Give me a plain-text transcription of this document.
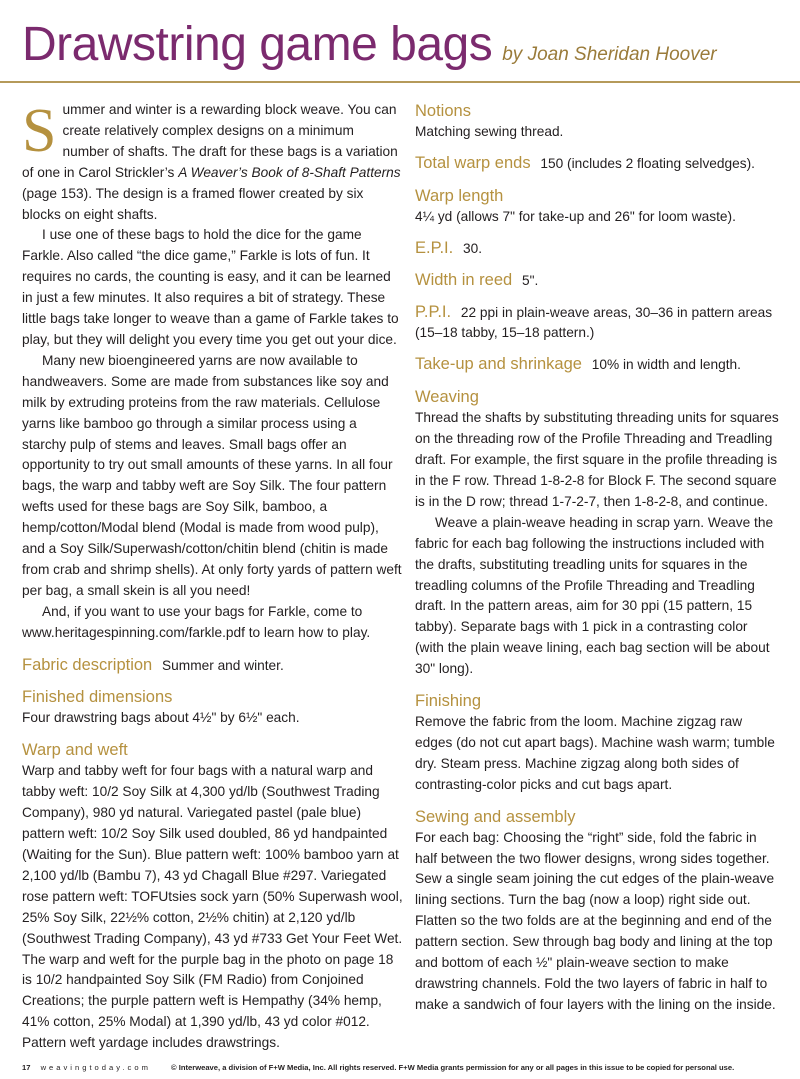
Drawstring game bags by Joan Sheridan Hoover

Summer and winter is a rewarding block weave. You can create relatively complex designs on a minimum number of shafts. The draft for these bags is a variation of one in Carol Strickler’s A Weaver’s Book of 8-Shaft Patterns (page 153). The design is a framed flower created by six blocks on eight shafts.

I use one of these bags to hold the dice for the game Farkle. Also called “the dice game,” Farkle is lots of fun. It requires no cards, the counting is easy, and it can be learned in just a few minutes. It also requires a bit of strategy. These little bags take longer to weave than a game of Farkle takes to play, but they will delight you every time you get out your dice.

Many new bioengineered yarns are now available to handweavers. Some are made from substances like soy and milk by extruding proteins from the raw materials. Cellulose yarns like bamboo go through a similar process using a starchy pulp of stems and leaves. Small bags offer an opportunity to try out small amounts of these yarns. In all four bags, the warp and tabby weft are Soy Silk. The four pattern wefts used for these bags are Soy Silk, bamboo, a hemp/cotton/Modal blend (Modal is made from wood pulp), and a Soy Silk/Superwash/cotton/chitin blend (chitin is made from crab and shrimp shells). At only forty yards of pattern weft per bag, a small skein is all you need!

And, if you want to use your bags for Farkle, come to www.heritagespinning.com/farkle.pdf to learn how to play.

Fabric description Summer and winter.

Finished dimensions

Four drawstring bags about 4½" by 6½" each.

Warp and weft

Warp and tabby weft for four bags with a natural warp and tabby weft: 10/2 Soy Silk at 4,300 yd/lb (Southwest Trading Company), 980 yd natural. Variegated pastel (pale blue) pattern weft: 10/2 Soy Silk used doubled, 86 yd handpainted (Waiting for the Sun). Blue pattern weft: 100% bamboo yarn at 2,100 yd/lb (Bambu 7), 43 yd Chagall Blue #297. Variegated rose pattern weft: TOFUtsies sock yarn (50% Superwash wool, 25% Soy Silk, 22½% cotton, 2½% chitin) at 2,120 yd/lb (Southwest Trading Company), 43 yd #733 Get Your Feet Wet. The warp and weft for the purple bag in the photo on page 18 is 10/2 handpainted Soy Silk (FM Radio) from Conjoined Creations; the purple pattern weft is Hempathy (34% hemp, 41% cotton, 25% Modal) at 1,390 yd/lb, 43 yd color #012. Pattern weft yardage includes drawstrings.

Notions

Matching sewing thread.

Total warp ends 150 (includes 2 floating selvedges).

Warp length

4¼ yd (allows 7" for take-up and 26" for loom waste).

E.P.I. 30.

Width in reed 5".

P.P.I. 22 ppi in plain-weave areas, 30–36 in pattern areas (15–18 tabby, 15–18 pattern.)

Take-up and shrinkage 10% in width and length.

Weaving

Thread the shafts by substituting threading units for squares on the threading row of the Profile Threading and Treadling draft. For example, the first square in the profile threading is in the F row. Thread 1-8-2-8 for Block F. The second square is in the D row; thread 1-7-2-7, then 1-8-2-8, and continue.

Weave a plain-weave heading in scrap yarn. Weave the fabric for each bag following the instructions included with the drafts, substituting treadling units for squares in the treadling columns of the Profile Threading and Treadling draft. In the pattern areas, aim for 30 ppi (15 pattern, 15 tabby). Separate bags with 1 pick in a contrasting color (with the plain weave lining, each bag section will be about 30" long).

Finishing

Remove the fabric from the loom. Machine zigzag raw edges (do not cut apart bags). Machine wash warm; tumble dry. Steam press. Machine zigzag along both sides of contrasting-color picks and cut bags apart.

Sewing and assembly

For each bag: Choosing the “right” side, fold the fabric in half between the two flower designs, wrong sides together. Sew a single seam joining the cut edges of the plain-weave lining sections. Turn the bag (now a loop) right side out. Flatten so the two folds are at the beginning and end of the pattern section. Sew through bag body and lining at the top and bottom of each ½" plain-weave section to make drawstring channels. Fold the two layers of fabric in half to make a sandwich of four layers with the lining on the inside.

17 weavingtoday.com	© Interweave, a division of F+W Media, Inc. All rights reserved. F+W Media grants permission for any or all pages in this issue to be copied for personal use.
